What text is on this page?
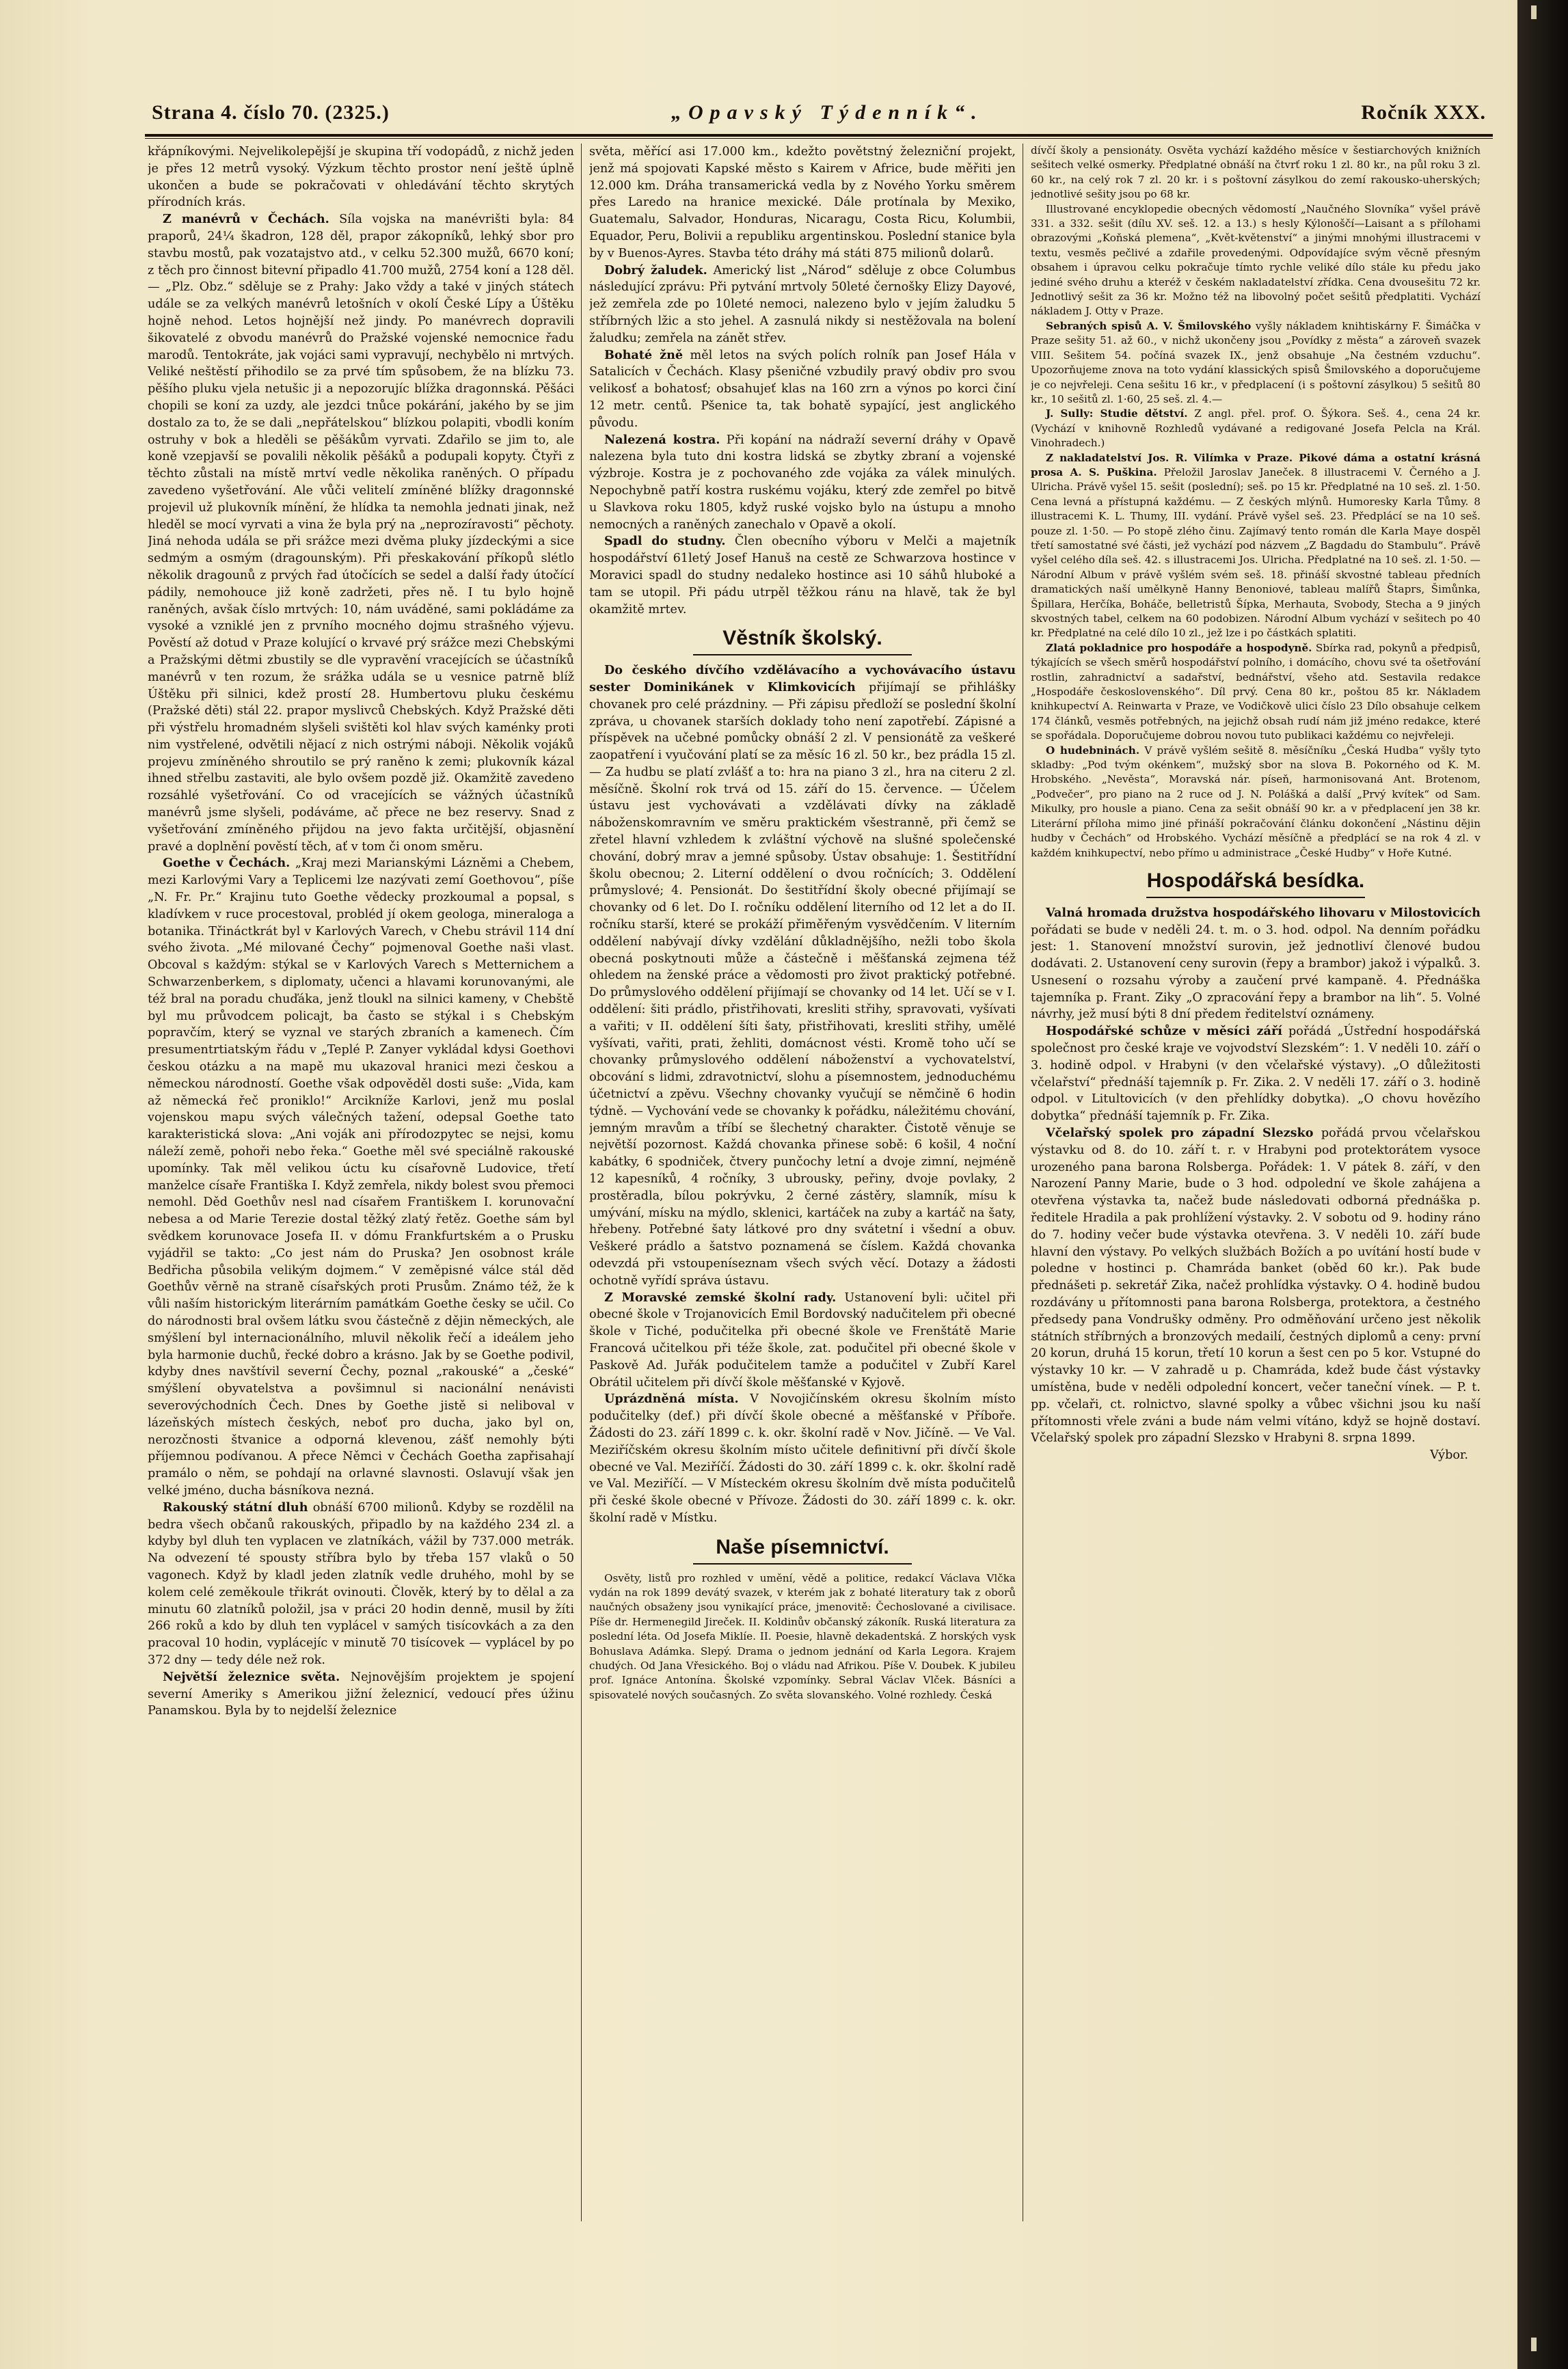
Strana 4. číslo 70. (2325.)	„Opavský Týdenník“.	Ročník XXX.

křápníkovými. Nejvelikolepější je skupina tří vodopádů, z nichž jeden je přes 12 metrů vysoký. Výzkum těchto prostor není ještě úplně ukončen a bude se pokračovati v ohledávání těchto skrytých přírodních krás.

Z manévrů v Čechách. Síla vojska na manévrišti byla: 84 praporů, 24¼ škadron, 128 děl, prapor zákopníků, lehký sbor pro stavbu mostů, pak vozatajstvo atd., v celku 52.300 mužů, 6670 koní; z těch pro činnost bitevní připadlo 41.700 mužů, 2754 koní a 128 děl. — „Plz. Obz.“ sděluje se z Prahy: Jako vždy a také v jiných státech udále se za velkých manévrů letošních v okolí České Lípy a Úštěku hojně nehod. Letos hojnější než jindy. Po manévrech dopravili šikovatelé z obvodu manévrů do Pražské vojenské nemocnice řadu marodů. Tentokráte, jak vojáci sami vypravují, nechybělo ni mrtvých. Veliké neštěstí přihodilo se za prvé tím spůsobem, že na blízku 73. pěšího pluku vjela netušic ji a nepozorujíc blížka dragonnská. Pěšáci chopili se koní za uzdy, ale jezdci tnůce pokárání, jakého by se jim dostalo za to, že se dali „nepřátelskou“ blízkou polapiti, vbodli koním ostruhy v bok a hleděli se pěšákům vyrvati. Zdařilo se jim to, ale koně vzepjavší se povalili několik pěšáků a podupali kopyty. Čtyři z těchto zůstali na místě mrtví vedle několika raněných. O případu zavedeno vyšetřování. Ale vůči velitelí zmíněné blížky dragonnské projevil už plukovník mínění, že hlídka ta nemohla jednati jinak, než hleděl se mocí vyrvati a vina že byla prý na „neprozíravosti“ pěchoty. Jiná nehoda udála se při srážce mezi dvěma pluky jízdeckými a sice sedmým a osmým (dragounským). Při přeskakování příkopů slétlo několik dragounů z prvých řad útočících se sedel a další řady útočící pádily, nemohouce již koně zadržeti, přes ně. I tu bylo hojně raněných, avšak číslo mrtvých: 10, nám uváděné, sami pokládáme za vysoké a vzniklé jen z prvního mocného dojmu strašného výjevu. Pověstí až dotud v Praze kolující o krvavé prý srážce mezi Chebskými a Pražskými dětmi zbustily se dle vypravění vracejících se účastníků manévrů v ten rozum, že srážka udála se u vesnice patrně blíž Úštěku při silnici, kdež prostí 28. Humbertovu pluku českému (Pražské děti) stál 22. prapor myslivců Chebských. Když Pražské děti při výstřelu hromadném slyšeli svištěti kol hlav svých kaménky proti nim vystřelené, odvětili nějací z nich ostrými náboji. Několik vojáků projevu zmíněného shroutilo se prý raněno k zemi; plukovník kázal ihned střelbu zastaviti, ale bylo ovšem pozdě již. Okamžitě zavedeno rozsáhlé vyšetřování. Co od vracejících se vážných účastníků manévrů jsme slyšeli, podáváme, ač přece ne bez reservy. Snad z vyšetřování zmíněného přijdou na jevo fakta určitější, objasnění pravé a doplnění pověstí těch, ať v tom či onom směru.

Goethe v Čechách. „Kraj mezi Marianskými Lázněmi a Chebem, mezi Karlovými Vary a Teplicemi lze nazývati zemí Goethovou“, píše „N. Fr. Pr.“ Krajinu tuto Goethe vědecky prozkoumal a popsal, s kladívkem v ruce procestoval, probléd jí okem geologa, mineraloga a botanika. Třináctkrát byl v Karlových Varech, v Chebu strávil 114 dní svého života. „Mé milované Čechy“ pojmenoval Goethe naši vlast. Obcoval s každým: stýkal se v Karlových Varech s Metternichem a Schwarzenberkem, s diplomaty, učenci a hlavami korunovanými, ale též bral na poradu chuďáka, jenž tloukl na silnici kameny, v Chebště byl mu průvodcem policajt, ba často se stýkal i s Chebským popravčím, který se vyznal ve starých zbraních a kamenech. Čím presumentrtiatským řádu v „Teplé P. Zanyer vykládal kdysi Goethovi českou otázku a na mapě mu ukazoval hranici mezi českou a německou národností. Goethe však odpověděl dosti suše: „Vida, kam až německá řeč proniklo!“ Arcikníže Karlovi, jenž mu poslal vojenskou mapu svých válečných tažení, odepsal Goethe tato karakteristická slova: „Ani voják ani přírodozpytec se nejsi, komu náleží země, pohoři nebo řeka.“ Goethe měl své speciálně rakouské upomínky. Tak měl velikou úctu ku císařovně Ludovice, třetí manželce císaře Františka I. Když zemřela, nikdy bolest svou přemoci nemohl. Děd Goethův nesl nad císařem Františkem I. korunovační nebesa a od Marie Terezie dostal těžký zlatý řetěz. Goethe sám byl svědkem korunovace Josefa II. v dómu Frankfurtském a o Prusku vyjádřil se takto: „Co jest nám do Pruska? Jen osobnost krále Bedřicha působila velikým dojmem.“ V zeměpisné válce stál děd Goethův věrně na straně císařských proti Prusům. Známo též, že k vůli naším historickým literárním památkám Goethe česky se učil. Co do národnosti bral ovšem látku svou částečně z dějin německých, ale smýšlení byl internacionálního, mluvil několik řečí a ideálem jeho byla harmonie duchů, řecké dobro a krásno. Jak by se Goethe podivil, kdyby dnes navštívil severní Čechy, poznal „rakouské“ a „české“ smýšlení obyvatelstva a povšimnul si nacionální nenávisti severovýchodních Čech. Dnes by Goethe jistě si neliboval v lázeňských místech českých, neboť pro ducha, jako byl on, nerozčnosti štvanice a odporná klevenou, zášť nemohly býti příjemnou podívanou. A přece Němci v Čechách Goetha zapřisahají pramálo o něm, se pohdají na orlavné slavnosti. Oslavují však jen velké jméno, ducha básníkova nezná.

Rakouský státní dluh obnáší 6700 milionů. Kdyby se rozdělil na bedra všech občanů rakouských, připadlo by na každého 234 zl. a kdyby byl dluh ten vyplacen ve zlatníkách, vážil by 737.000 metrák. Na odvezení té spousty stříbra bylo by třeba 157 vlaků o 50 vagonech. Když by kladl jeden zlatník vedle druhého, mohl by se kolem celé zeměkoule třikrát ovinouti. Člověk, který by to dělal a za minutu 60 zlatníků položil, jsa v práci 20 hodin denně, musil by žíti 266 roků a kdo by dluh ten vyplácel v samých tisícovkách a za den pracoval 10 hodin, vyplácejíc v minutě 70 tisícovek — vyplácel by po 372 dny — tedy déle než rok.

Největší železnice světa. Nejnovějším projektem je spojení severní Ameriky s Amerikou jižní železnicí, vedoucí přes úžinu Panamskou. Byla by to nejdelší železnice

světa, měřící asi 17.000 km., kdežto povětstný železniční projekt, jenž má spojovati Kapské město s Kairem v Africe, bude měřiti jen 12.000 km. Dráha transamerická vedla by z Nového Yorku směrem přes Laredo na hranice mexické. Dále protínala by Mexiko, Guatemalu, Salvador, Honduras, Nicaragu, Costa Ricu, Kolumbii, Equador, Peru, Bolivii a republiku argentinskou. Poslední stanice byla by v Buenos-Ayres. Stavba této dráhy má státi 875 milionů dolarů.

Dobrý žaludek. Americký list „Národ“ sděluje z obce Columbus následující zprávu: Při pytvání mrtvoly 50leté černošky Elizy Dayové, jež zemřela zde po 10leté nemoci, nalezeno bylo v jejím žaludku 5 stříbrných lžic a sto jehel. A zasnulá nikdy si nestěžovala na bolení žaludku; zemřela na zánět střev.

Bohaté žně měl letos na svých polích rolník pan Josef Hála v Satalicích v Čechách. Klasy pšeničné vzbudily pravý obdiv pro svou velikosť a bohatosť; obsahujeť klas na 160 zrn a výnos po korci činí 12 metr. centů. Pšenice ta, tak bohatě sypající, jest anglického původu.

Nalezená kostra. Při kopání na nádraží severní dráhy v Opavě nalezena byla tuto dni kostra lidská se zbytky zbraní a vojenské výzbroje. Kostra je z pochovaného zde vojáka za válek minulých. Nepochybně patří kostra ruskému vojáku, který zde zemřel po bitvě u Slavkova roku 1805, když ruské vojsko bylo na ústupu a mnoho nemocných a raněných zanechalo v Opavě a okolí.

Spadl do studny. Člen obecního výboru v Melči a majetník hospodářství 61letý Josef Hanuš na cestě ze Schwarzova hostince v Moravici spadl do studny nedaleko hostince asi 10 sáhů hluboké a tam se utopil. Při pádu utrpěl těžkou ránu na hlavě, tak že byl okamžitě mrtev.

Věstník školský.

Do českého dívčího vzdělávacího a vychovávacího ústavu sester Dominikánek v Klimkovicích přijímají se přihlášky chovanek pro celé prázdniny. — Při zápisu předloží se poslední školní zpráva, u chovanek starších doklady toho není zapotřebí. Zápisné a příspěvek na učebné pomůcky obnáší 2 zl. V pensionátě za veškeré zaopatření i vyučování platí se za měsíc 16 zl. 50 kr., bez prádla 15 zl. — Za hudbu se platí zvlášť a to: hra na piano 3 zl., hra na citeru 2 zl. měsíčně. Školní rok trvá od 15. září do 15. července. — Účelem ústavu jest vychovávati a vzdělávati dívky na základě náboženskomravním ve směru praktickém všestranně, při čemž se zřetel hlavní vzhledem k zvláštní výchově na slušné společenské chování, dobrý mrav a jemné spůsoby. Ústav obsahuje: 1. Šestitřídní školu obecnou; 2. Literní oddělení o dvou ročnících; 3. Oddělení průmyslové; 4. Pensionát. Do šestitřídní školy obecné přijímají se chovanky od 6 let. Do I. ročníku oddělení literního od 12 let a do II. ročníku starší, které se prokáží přiměřeným vysvědčením. V literním oddělení nabývají dívky vzdělání důkladnějšího, nežli tobo škola obecná poskytnouti může a částečně i měšťanská zejmena též ohledem na ženské práce a vědomosti pro život praktický potřebné. Do průmyslového oddělení přijímají se chovanky od 14 let. Učí se v I. oddělení: šiti prádlo, přistřihovati, kresliti střihy, spravovati, vyšívati a vařiti; v II. oddělení šíti šaty, přistřihovati, kresliti střihy, umělé vyšívati, vařiti, prati, žehliti, domácnost vésti. Kromě toho učí se chovanky průmyslového oddělení náboženství a vychovatelství, obcování s lidmi, zdravotnictví, slohu a písemnostem, jednoduchému účetnictví a zpěvu. Všechny chovanky vyučují se němčině 6 hodin týdně. — Vychování vede se chovanky k pořádku, náležitému chování, jemným mravům a tříbí se šlechetný charakter. Čistotě věnuje se největší pozornost. Každá chovanka přinese sobě: 6 košil, 4 noční kabátky, 6 spodniček, čtvery punčochy letní a dvoje zimní, nejméně 12 kapesníků, 4 ročníky, 3 ubrousky, peřiny, dvoje povlaky, 2 prostěradla, bílou pokrývku, 2 černé zástěry, slamník, mísu k umývání, mísku na mýdlo, sklenici, kartáček na zuby a kartáč na šaty, hřebeny. Potřebné šaty látkové pro dny svátetní i všední a obuv. Veškeré prádlo a šatstvo poznamená se číslem. Každá chovanka odevzdá při vstoupeníseznam všech svých věcí. Dotazy a žádosti ochotně vyřídí správa ústavu.

Z Moravské zemské školní rady. Ustanovení byli: učitel při obecné škole v Trojanovicích Emil Bordovský nadučitelem při obecné škole v Tiché, podučitelka při obecné škole ve Frenštátě Marie Francová učitelkou při téže škole, zat. podučitel při obecné škole v Paskově Ad. Juřák podučitelem tamže a podučitel v Zubří Karel Obrátil učitelem při dívčí škole měšťanské v Kyjově.

Uprázdněná místa. V Novojičínském okresu školním místo podučitelky (def.) při dívčí škole obecné a měšťanské v Příboře. Žádosti do 23. září 1899 c. k. okr. školní radě v Nov. Jičíně. — Ve Val. Meziříčském okresu školním místo učitele definitivní při dívčí škole obecné ve Val. Meziříčí. Žádosti do 30. září 1899 c. k. okr. školní radě ve Val. Meziříčí. — V Místeckém okresu školním dvě místa podučitelů při české škole obecné v Přívoze. Žádosti do 30. září 1899 c. k. okr. školní radě v Místku.

Naše písemnictví.

Osvěty, listů pro rozhled v umění, vědě a politice, redakcí Václava Vlčka vydán na rok 1899 devátý svazek, v kterém jak z bohaté literatury tak z oborů naučných obsaženy jsou vynikající práce, jmenovitě: Čechoslované a civilisace. Píše dr. Hermenegild Jireček. II. Koldinův občanský zákoník. Ruská literatura za poslední léta. Od Josefa Miklíe. II. Poesie, hlavně dekadentská. Z horských vysk Bohuslava Adámka. Slepý. Drama o jednom jednání od Karla Legora. Krajem chudých. Od Jana Vřesického. Boj o vládu nad Afrikou. Píše V. Doubek. K jubileu prof. Ignáce Antonína. Školské vzpomínky. Sebral Václav Vlček. Básníci a spisovatelé nových současných. Zo světa slovanského. Volné rozhledy. Česká

dívčí školy a pensionáty. Osvěta vychází každého měsíce v šestiarchových knižních sešitech velké osmerky. Předplatné obnáší na čtvrť roku 1 zl. 80 kr., na půl roku 3 zl. 60 kr., na celý rok 7 zl. 20 kr. i s poštovní zásylkou do zemí rakousko-uherských; jednotlivé sešity jsou po 68 kr.

Illustrované encyklopedie obecných vědomostí „Naučného Slovníka“ vyšel právě 331. a 332. sešit (dílu XV. seš. 12. a 13.) s hesly Kýlonoščí—Laisant a s přílohami obrazovými „Koňská plemena“, „Květ-květenství“ a jinými mnohými illustracemi v textu, vesměs pečlivé a zdařile provedenými. Odpovídajíce svým věcně přesným obsahem i úpravou celku pokračuje tímto rychle veliké dílo stále ku předu jako jediné svého druhu a kteréž v českém nakladatelství zřídka. Cena dvousešitu 72 kr. Jednotlivý sešit za 36 kr. Možno též na libovolný počet sešitů předplatiti. Vychází nákladem J. Otty v Praze.

Sebraných spisů A. V. Šmilovského vyšly nákladem knihtiskárny F. Šimáčka v Praze sešity 51. až 60., v nichž ukončeny jsou „Povídky z města“ a zároveň svazek VIII. Sešitem 54. počíná svazek IX., jenž obsahuje „Na čestném vzduchu“. Upozorňujeme znova na toto vydání klassických spisů Šmilovského a doporučujeme je co nejvřeleji. Cena sešitu 16 kr., v předplacení (i s poštovní zásylkou) 5 sešitů 80 kr., 10 sešitů zl. 1·60, 25 seš. zl. 4.—

J. Sully: Studie dětství. Z angl. přel. prof. O. Šýkora. Seš. 4., cena 24 kr. (Vychází v knihovně Rozhledů vydávané a redigované Josefa Pelclа na Král. Vinohradech.)

Z nakladatelství Jos. R. Vilímka v Praze. Pikové dáma a ostatní krásná prosa A. S. Puškina. Přeložil Jaroslav Janeček. 8 illustracemi V. Černého a J. Ulricha. Právě vyšel 15. sešit (poslední); seš. po 15 kr. Předplatné na 10 seš. zl. 1·50. Cena levná a přístupná každému. — Z českých mlýnů. Humoresky Karla Tůmy. 8 illustracemi K. L. Thumy, III. vydání. Právě vyšel seš. 23. Předplácí se na 10 seš. pouze zl. 1·50. — Po stopě zlého činu. Zajímavý tento román dle Karla Maye dospěl třetí samostatné své části, jež vychází pod názvem „Z Bagdadu do Stambulu“. Právě vyšel celého díla seš. 42. s illustracemi Jos. Ulricha. Předplatné na 10 seš. zl. 1·50. — Národní Album v právě vyšlém svém seš. 18. přináší skvostné tableau předních dramatických naší umělkyně Hanny Benoniové, tableau malířů Štaprs, Šimůnka, Špillara, Herčíka, Boháče, belletristů Šípka, Merhauta, Svobody, Stecha a 9 jiných skvostných tabel, celkem na 60 podobizen. Národní Album vychází v sešitech po 40 kr. Předplatné na celé dílo 10 zl., jež lze i po částkách splatiti.

Zlatá pokladnice pro hospodáře a hospodyně. Sbírka rad, pokynů a předpisů, týkajících se všech směrů hospodářství polního, i domácího, chovu své ta ošetřování rostlin, zahradnictví a sadařství, bednářství, všeho atd. Sestavila redakce „Hospodáře československého“. Díl prvý. Cena 80 kr., poštou 85 kr. Nákladem knihkupectví A. Reinwarta v Praze, ve Vodičkově ulici číslo 23 Dílo obsahuje celkem 174 článků, vesměs potřebných, na jejichž obsah rudí nám již jméno redakce, které se spořádala. Doporučujeme dobrou novou tuto publikaci každému co nejvřeleji.

O hudebninách. V právě vyšlém sešitě 8. měsíčníku „Česká Hudba“ vyšly tyto skladby: „Pod tvým okénkem“, mužský sbor na slova B. Pokorného od K. M. Hrobského. „Nevěsta“, Moravská nár. píseň, harmonisovaná Ant. Brotenom, „Podvečer“, pro piano na 2 ruce od J. N. Polášká a další „Prvý kvítek“ od Sam. Mikulky, pro housle a piano. Cena za sešit obnáší 90 kr. a v předplacení jen 38 kr. Literární příloha mimo jiné přináší pokračování článku dokončení „Nástinu dějin hudby v Čechách“ od Hrobského. Vychází měsíčně a předplácí se na rok 4 zl. v každém knihkupectví, nebo přímo u administrace „České Hudby“ v Hoře Kutné.

Hospodářská besídka.

Valná hromada družstva hospodářského lihovaru v Milostovicích pořádati se bude v neděli 24. t. m. o 3. hod. odpol. Na denním pořádku jest: 1. Stanovení množství surovin, jež jednotliví členové budou dodávati. 2. Ustanovení ceny surovin (řepy a brambor) jakož i výpalků. 3. Usnesení o rozsahu výroby a zaučení prvé kampaně. 4. Přednáška tajemníka p. Frant. Ziky „O zpracování řepy a brambor na lih“. 5. Volné návrhy, jež musí býti 8 dní předem ředitelství oznámeny.

Hospodářské schůze v měsíci září pořádá „Ústřední hospodářská společnost pro české kraje ve vojvodství Slezském“: 1. V neděli 10. září o 3. hodině odpol. v Hrabyni (v den včelařské výstavy). „O důležitosti včelařství“ přednáší tajemník p. Fr. Zika. 2. V neděli 17. září o 3. hodině odpol. v Litultovicích (v den přehlídky dobytka). „O chovu hovězího dobytka“ přednáší tajemník p. Fr. Zika.

Včelařský spolek pro západní Slezsko pořádá prvou včelařskou výstavku od 8. do 10. září t. r. v Hrabyni pod protektorátem vysoce urozeného pana barona Rolsberga. Pořádek: 1. V pátek 8. září, v den Narození Panny Marie, bude o 3 hod. odpolední ve škole zahájena a otevřena výstavka ta, načež bude následovati odborná přednáška p. ředitele Hradila a pak prohlížení výstavky. 2. V sobotu od 9. hodiny ráno do 7. hodiny večer bude výstavka otevřena. 3. V neděli 10. září bude hlavní den výstavy. Po velkých službách Božích a po uvítání hostí bude v poledne v hostinci p. Chamráda banket (oběd 60 kr.). Pak bude přednášeti p. sekretář Zika, načež prohlídka výstavky. O 4. hodině budou rozdávány u přítomnosti pana barona Rolsberga, protektora, a čestného předsedy pana Vondrušky odměny. Pro odměňování určeno jest několik státních stříbrných a bronzových medailí, čestných diplomů a ceny: první 20 korun, druhá 15 korun, třetí 10 korun a šest cen po 5 kor. Vstupné do výstavky 10 kr. — V zahradě u p. Chamráda, kdež bude část výstavky umístěna, bude v neděli odpolední koncert, večer taneční vínek. — P. t. pp. včelaři, ct. rolnictvo, slavné spolky a vůbec všichni jsou ku naší přítomnosti vřele zváni a bude nám velmi vítáno, když se hojně dostaví. Včelařský spolek pro západní Slezsko v Hrabyni 8. srpna 1899.

Výbor.
